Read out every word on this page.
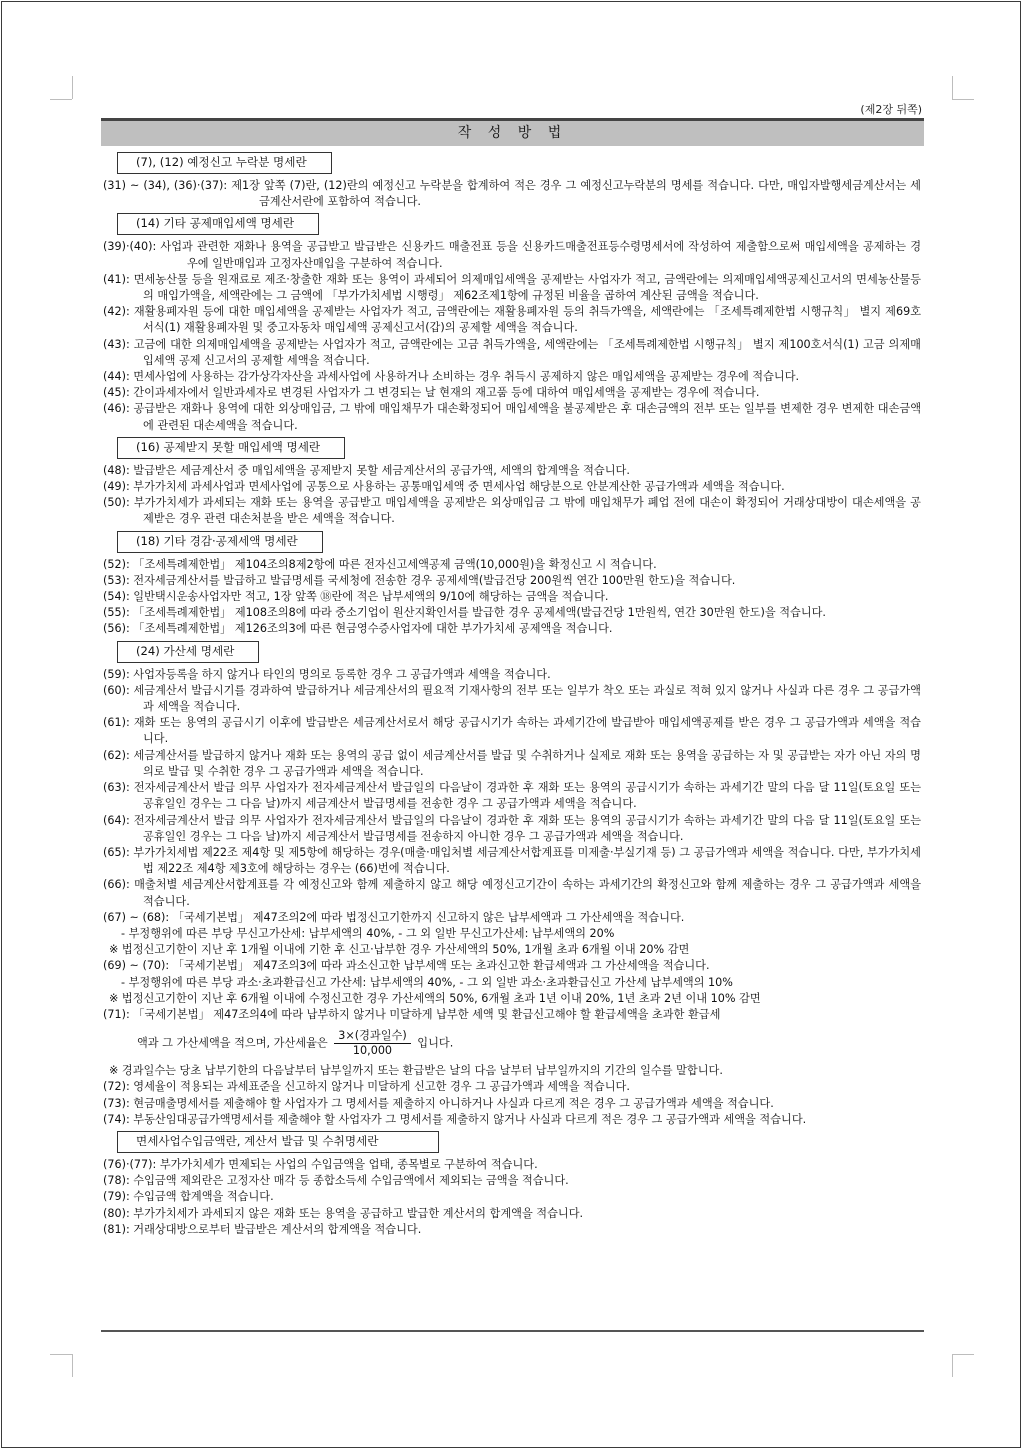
(제2장 뒤쪽)
작 성 방 법
(7), (12) 예정신고 누락분 명세란
(31) ~ (34), (36)·(37): 제1장 앞쪽 (7)란, (12)란의 예정신고 누락분을 합계하여 적은 경우 그 예정신고누락분의 명세를 적습니다. 다만, 매입자발행세금계산서는 세금계산서란에 포함하여 적습니다.
(14) 기타 공제매입세액 명세란
(39)·(40): 사업과 관련한 재화나 용역을 공급받고 발급받은 신용카드 매출전표 등을 신용카드매출전표등수령명세서에 작성하여 제출함으로써 매입세액을 공제하는 경우에 일반매입과 고정자산매입을 구분하여 적습니다.
(41): 면세농산물 등을 원재료로 제조·창출한 재화 또는 용역이 과세되어 의제매입세액을 공제받는 사업자가 적고, 금액란에는 의제매입세액공제신고서의 면세농산물등의 매입가액을, 세액란에는 그 금액에 「부가가치세법 시행령」 제62조제1항에 규정된 비율을 곱하여 계산된 금액을 적습니다.
(42): 재활용폐자원 등에 대한 매입세액을 공제받는 사업자가 적고, 금액란에는 재활용폐자원 등의 취득가액을, 세액란에는 「조세특례제한법 시행규칙」 별지 제69호서식(1) 재활용폐자원 및 중고자동차 매입세액 공제신고서(갑)의 공제할 세액을 적습니다.
(43): 고금에 대한 의제매입세액을 공제받는 사업자가 적고, 금액란에는 고금 취득가액을, 세액란에는 「조세특례제한법 시행규칙」 별지 제100호서식(1) 고금 의제매입세액 공제 신고서의 공제할 세액을 적습니다.
(44): 면세사업에 사용하는 감가상각자산을 과세사업에 사용하거나 소비하는 경우 취득시 공제하지 않은 매입세액을 공제받는 경우에 적습니다.
(45): 간이과세자에서 일반과세자로 변경된 사업자가 그 변경되는 날 현재의 재고품 등에 대하여 매입세액을 공제받는 경우에 적습니다.
(46): 공급받은 재화나 용역에 대한 외상매입금, 그 밖에 매입채무가 대손확정되어 매입세액을 불공제받은 후 대손금액의 전부 또는 일부를 변제한 경우 변제한 대손금액에 관련된 대손세액을 적습니다.
(16) 공제받지 못할 매입세액 명세란
(48): 발급받은 세금계산서 중 매입세액을 공제받지 못할 세금계산서의 공급가액, 세액의 합계액을 적습니다.
(49): 부가가치세 과세사업과 면세사업에 공통으로 사용하는 공통매입세액 중 면세사업 해당분으로 안분계산한 공급가액과 세액을 적습니다.
(50): 부가가치세가 과세되는 재화 또는 용역을 공급받고 매입세액을 공제받은 외상매입금 그 밖에 매입채무가 폐업 전에 대손이 확정되어 거래상대방이 대손세액을 공제받은 경우 관련 대손처분을 받은 세액을 적습니다.
(18) 기타 경감·공제세액 명세란
(52): 「조세특례제한법」 제104조의8제2항에 따른 전자신고세액공제 금액(10,000원)을 확정신고 시 적습니다.
(53): 전자세금계산서를 발급하고 발급명세를 국세청에 전송한 경우 공제세액(발급건당 200원씩 연간 100만원 한도)을 적습니다.
(54): 일반택시운송사업자만 적고, 1장 앞쪽 ⑱란에 적은 납부세액의 9/10에 해당하는 금액을 적습니다.
(55): 「조세특례제한법」 제108조의8에 따라 중소기업이 원산지확인서를 발급한 경우 공제세액(발급건당 1만원씩, 연간 30만원 한도)을 적습니다.
(56): 「조세특례제한법」 제126조의3에 따른 현금영수증사업자에 대한 부가가치세 공제액을 적습니다.
(24) 가산세 명세란
(59): 사업자등록을 하지 않거나 타인의 명의로 등록한 경우 그 공급가액과 세액을 적습니다.
(60): 세금계산서 발급시기를 경과하여 발급하거나 세금계산서의 필요적 기재사항의 전부 또는 일부가 착오 또는 과실로 적혀 있지 않거나 사실과 다른 경우 그 공급가액과 세액을 적습니다.
(61): 재화 또는 용역의 공급시기 이후에 발급받은 세금계산서로서 해당 공급시기가 속하는 과세기간에 발급받아 매입세액공제를 받은 경우 그 공급가액과 세액을 적습니다.
(62): 세금계산서를 발급하지 않거나 재화 또는 용역의 공급 없이 세금계산서를 발급 및 수취하거나 실제로 재화 또는 용역을 공급하는 자 및 공급받는 자가 아닌 자의 명의로 발급 및 수취한 경우 그 공급가액과 세액을 적습니다.
(63): 전자세금계산서 발급 의무 사업자가 전자세금계산서 발급일의 다음날이 경과한 후 재화 또는 용역의 공급시기가 속하는 과세기간 말의 다음 달 11일(토요일 또는 공휴일인 경우는 그 다음 날)까지 세금계산서 발급명세를 전송한 경우 그 공급가액과 세액을 적습니다.
(64): 전자세금계산서 발급 의무 사업자가 전자세금계산서 발급일의 다음날이 경과한 후 재화 또는 용역의 공급시기가 속하는 과세기간 말의 다음 달 11일(토요일 또는 공휴일인 경우는 그 다음 날)까지 세금계산서 발급명세를 전송하지 아니한 경우 그 공급가액과 세액을 적습니다.
(65): 부가가치세법 제22조 제4항 및 제5항에 해당하는 경우(매출·매입처별 세금계산서합계표를 미제출·부실기재 등) 그 공급가액과 세액을 적습니다. 다만, 부가가치세법 제22조 제4항 제3호에 해당하는 경우는 (66)번에 적습니다.
(66): 매출처별 세금계산서합계표를 각 예정신고와 함께 제출하지 않고 해당 예정신고기간이 속하는 과세기간의 확정신고와 함께 제출하는 경우 그 공급가액과 세액을 적습니다.
(67) ~ (68): 「국세기본법」 제47조의2에 따라 법정신고기한까지 신고하지 않은 납부세액과 그 가산세액을 적습니다.
- 부정행위에 따른 부당 무신고가산세: 납부세액의 40%, - 그 외 일반 무신고가산세: 납부세액의 20%
※ 법정신고기한이 지난 후 1개월 이내에 기한 후 신고·납부한 경우 가산세액의 50%, 1개월 초과 6개월 이내 20% 감면
(69) ~ (70): 「국세기본법」 제47조의3에 따라 과소신고한 납부세액 또는 초과신고한 환급세액과 그 가산세액을 적습니다.
- 부정행위에 따른 부당 과소·초과환급신고 가산세: 납부세액의 40%, - 그 외 일반 과소·초과환급신고 가산세 납부세액의 10%
※ 법정신고기한이 지난 후 6개월 이내에 수정신고한 경우 가산세액의 50%, 6개월 초과 1년 이내 20%, 1년 초과 2년 이내 10% 감면
(71): 「국세기본법」 제47조의4에 따라 납부하지 않거나 미달하게 납부한 세액 및 환급신고해야 할 환급세액을 초과한 환급세
액과 그 가산세액을 적으며, 가산세율은 $\frac{\text{3×(경과일수)}}{10,000}$ 입니다.
※ 경과일수는 당초 납부기한의 다음날부터 납부일까지 또는 환급받은 날의 다음 날부터 납부일까지의 기간의 일수를 말합니다.
(72): 영세율이 적용되는 과세표준을 신고하지 않거나 미달하게 신고한 경우 그 공급가액과 세액을 적습니다.
(73): 현금매출명세서를 제출해야 할 사업자가 그 명세서를 제출하지 아니하거나 사실과 다르게 적은 경우 그 공급가액과 세액을 적습니다.
(74): 부동산임대공급가액명세서를 제출해야 할 사업자가 그 명세서를 제출하지 않거나 사실과 다르게 적은 경우 그 공급가액과 세액을 적습니다.
면세사업수입금액란, 계산서 발급 및 수취명세란
(76)·(77): 부가가치세가 면제되는 사업의 수입금액을 업태, 종목별로 구분하여 적습니다.
(78): 수입금액 제외란은 고정자산 매각 등 종합소득세 수입금액에서 제외되는 금액을 적습니다.
(79): 수입금액 합계액을 적습니다.
(80): 부가가치세가 과세되지 않은 재화 또는 용역을 공급하고 발급한 계산서의 합계액을 적습니다.
(81): 거래상대방으로부터 발급받은 계산서의 합계액을 적습니다.
